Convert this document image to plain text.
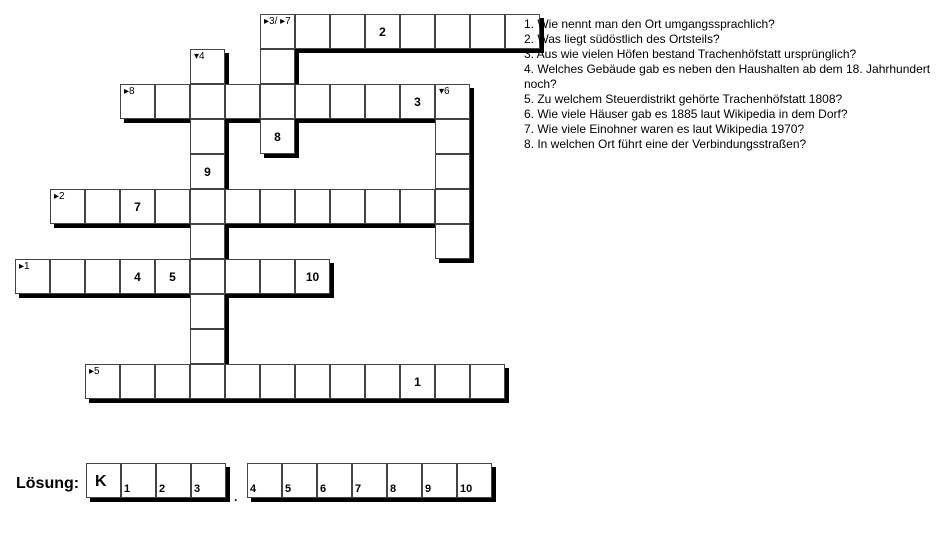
▸3/ ▸7
2
▾4
▸8
3
▾6
8
9
▸2
7
▸1
4	5	10
▸5
1

1. Wie nennt man den Ort umgangssprachlich?

2. Was liegt südöstlich des Ortsteils?

3. Aus wie vielen Höfen bestand Trachenhöfstatt ursprünglich?

4. Welches Gebäude gab es neben den Haushalten ab dem 18. Jahrhundert noch?

5. Zu welchem Steuerdistrikt gehörte Trachenhöfstatt 1808?

6. Wie viele Häuser gab es 1885 laut Wikipedia in dem Dorf?

7. Wie viele Einohner waren es laut Wikipedia 1970?

8. In welchen Ort führt eine der Verbindungsstraßen?

Lösung: K 1	2	3
.
4	5	6	7	8	9	10
